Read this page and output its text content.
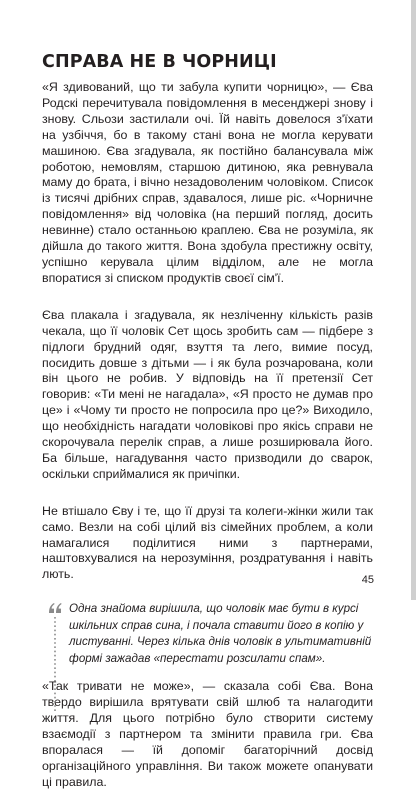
СПРАВА НЕ В ЧОРНИЦІ

«Я здивований, що ти забула купити чорницю», — Єва Родскі перечитувала повідомлення в месенджері знову і знову. Сльози застилали очі. Їй навіть довелося з'їхати на узбіччя, бо в такому стані вона не могла керувати машиною. Єва згадувала, як постійно балансувала між роботою, немовлям, старшою дитиною, яка ревнувала маму до брата, і вічно незадоволеним чоловіком. Список із тисячі дрібних справ, здавалося, лише ріс. «Чорничне повідомлення» від чоловіка (на перший погляд, досить невинне) стало останньою краплею. Єва не розуміла, як дійшла до такого життя. Вона здобула престижну освіту, успішно керувала цілим відділом, але не могла впоратися зі списком продуктів своєї сім'ї.

Єва плакала і згадувала, як незліченну кількість разів чекала, що її чоловік Сет щось зробить сам — підбере з підлоги брудний одяг, взуття та лего, вимие посуд, посидить довше з дітьми — і як була розчарована, коли він цього не робив. У відповідь на її претензії Сет говорив: «Ти мені не нагадала», «Я просто не думав про це» і «Чому ти просто не попросила про це?» Виходило, що необхідність нагадати чоловікові про якісь справи не скорочувала перелік справ, а лише розширювала його. Ба більше, нагадування часто призводили до сварок, оскільки сприймалися як причіпки.

Не втішало Єву і те, що її друзі та колеги-жінки жили так само. Везли на собі цілий віз сімейних проблем, а коли намагалися поділитися ними з партнерами, наштовхувалися на нерозуміння, роздратування і навіть лють.

Одна знайома вирішила, що чоловік має бути в курсі шкільних справ сина, і почала ставити його в копію у листуванні. Через кілька днів чоловік в ультимативній формі зажадав «перестати розсилати спам».

«Так тривати не може», — сказала собі Єва. Вона твердо вирішила врятувати свій шлюб та налагодити життя. Для цього потрібно було створити систему взаємодії з партнером та змінити правила гри. Єва впоралася — їй допоміг багаторічний досвід організаційного управління. Ви також можете опанувати ці правила.

45
